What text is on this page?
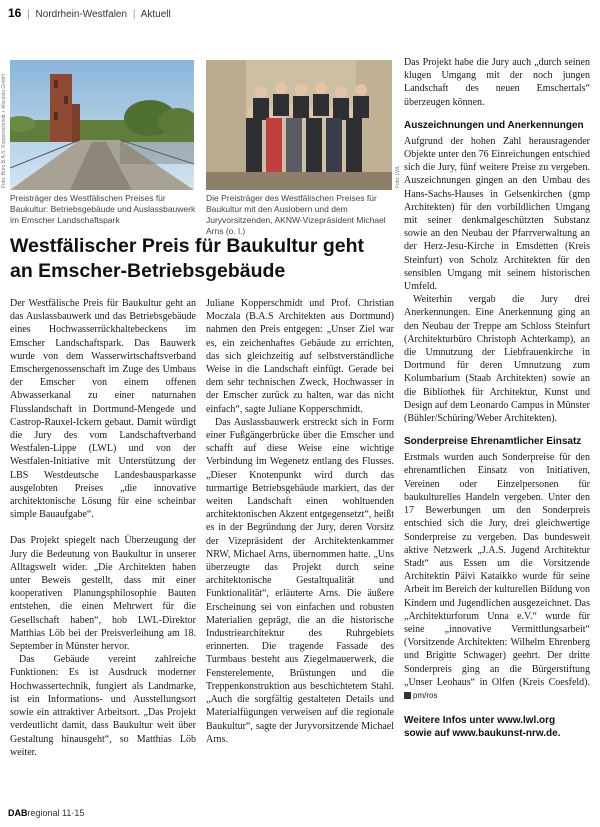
16 | Nordrhein-Westfalen | Aktuell
Foto: Büro B.A.S. Kopperschmidt + Moczala GmbH
Preisträger des Westfälischen Preises für Baukultur: Betriebsgebäude und Auslassbauwerk im Emscher Landschaftspark
Foto: LWL
Die Preisträger des Westfälischen Preises für Baukultur mit den Auslobern und dem Juryvorsitzenden, AKNW-Vizepräsident Michael Arns (o. l.)
Westfälischer Preis für Baukultur geht an Emscher-Betriebsgebäude

Der Westfälische Preis für Baukultur geht an das Auslassbauwerk und das Betriebsgebäude eines Hochwasserrückhaltebeckens im Emscher Landschaftspark. Das Bauwerk wurde von dem Wasserwirtschaftsverband Emschergenossenschaft im Zuge des Umbaus der Emscher von einem offenen Abwasserkanal zu einer naturnahen Flusslandschaft in Dortmund-Mengede und Castrop-Rauxel-Ickern gebaut. Damit würdigt die Jury des vom Landschaftverband Westfalen-Lippe (LWL) und von der Westfalen-Initiative mit Unterstützung der LBS Westdeutsche Landesbausparkasse ausgelobten Preises „die innovative architektonische Lösung für eine scheinbar simple Bauaufgabe“.

Das Projekt spiegelt nach Überzeugung der Jury die Bedeutung von Baukultur in unserer Alltagswelt wider. „Die Architekten haben unter Beweis gestellt, dass mit einer kooperativen Planungsphilosophie Bauten entstehen, die einen Mehrwert für die Gesellschaft haben“, hob LWL-Direktor Matthias Löb bei der Preisverleihung am 18. September in Münster hervor.

Das Gebäude vereint zahlreiche Funktionen: Es ist Ausdruck moderner Hochwassertechnik, fungiert als Landmarke, ist ein Informations- und Ausstellungsort sowie ein attraktiver Arbeitsort. „Das Projekt verdeutlicht damit, dass Baukultur weit über Gestaltung hinausgeht“, so Matthias Löb weiter.

Juliane Kopperschmidt und Prof. Christian Moczala (B.A.S Architekten aus Dortmund) nahmen den Preis entgegen: „Unser Ziel war es, ein zeichenhaftes Gebäude zu errichten, das sich gleichzeitig auf selbstverständliche Weise in die Landschaft einfügt. Gerade bei dem sehr technischen Zweck, Hochwasser in der Emscher zurück zu halten, war das nicht einfach“, sagte Juliane Kopperschmidt.

Das Auslassbauwerk erstreckt sich in Form einer Fußgängerbrücke über die Emscher und schafft auf diese Weise eine wichtige Verbindung im Wegenetz entlang des Flusses. „Dieser Knotenpunkt wird durch das turmartige Betriebsgebäude markiert, das der weiten Landschaft einen wohltuenden architektonischen Akzent entgegensetzt“, heißt es in der Begründung der Jury, deren Vorsitz der Vizepräsident der Architektenkammer NRW, Michael Arns, übernommen hatte. „Uns überzeugte das Projekt durch seine architektonische Gestaltqualität und Funktionalität“, erläuterte Arns. Die äußere Erscheinung sei von einfachen und robusten Materialien geprägt, die an die historische Industriearchitektur des Ruhrgebiets erinnerten. Die tragende Fassade des Turmbaus besteht aus Ziegelmauerwerk, die Fensterelemente, Brüstungen und die Treppenkonstruktion aus beschichtetem Stahl. „Auch die sorgfältig gestalteten Details und Materialfügungen verweisen auf die regionale Baukultur“, sagte der Juryvorsitzende Michael Arns.

Das Projekt habe die Jury auch „durch seinen klugen Umgang mit der noch jungen Landschaft des neuen Emschertals“ überzeugen können.

Auszeichnungen und Anerkennungen

Aufgrund der hohen Zahl herausragender Objekte unter den 76 Einreichungen entschied sich die Jury, fünf weitere Preise zu vergeben. Auszeichnungen gingen an den Umbau des Hans-Sachs-Hauses in Gelsenkirchen (gmp Architekten) für den vorbildlichen Umgang mit seiner denkmalgeschützten Substanz sowie an den Neubau der Pfarrverwaltung an der Herz-Jesu-Kirche in Emsdetten (Kreis Steinfurt) von Scholz Architekten für den sensiblen Umgang mit seinem historischen Umfeld.

Weiterhin vergab die Jury drei Anerkennungen. Eine Anerkennung ging an den Neubau der Treppe am Schloss Steinfurt (Architekturbüro Christoph Achterkamp), an die Umnutzung der Liebfrauenkirche in Dortmund für deren Umnutzung zum Kolumbarium (Staab Architekten) sowie an die Bibliothek für Architektur, Kunst und Design auf dem Leonardo Campus in Münster (Bühler/Schüring/Weber Architekten).

Sonderpreise Ehrenamtlicher Einsatz

Erstmals wurden auch Sonderpreise für den ehrenamtlichen Einsatz von Initiativen, Vereinen oder Einzelpersonen für baukulturelles Handeln vergeben. Unter den 17 Bewerbungen um den Sonderpreis entschied sich die Jury, drei gleichwertige Sonderpreise zu vergeben. Das bundesweit aktive Netzwerk „J.A.S. Jugend Architektur Stadt“ aus Essen um die Vorsitzende Architektin Päivi Kataikko wurde für seine Arbeit im Bereich der kulturellen Bildung von Kindern und Jugendlichen ausgezeichnet. Das „Architekturforum Unna e.V.“ wurde für seine „innovative Vermittlungsarbeit“ (Vorsitzende Architekten: Wilhelm Ehrenberg und Brigitte Schwager) geehrt. Der dritte Sonderpreis ging an die Bürgerstiftung „Unser Leohaus“ in Olfen (Kreis Coesfeld). pm/ros

Weitere Infos unter www.lwl.org
sowie auf www.baukunst-nrw.de.
DABregional 11·15
